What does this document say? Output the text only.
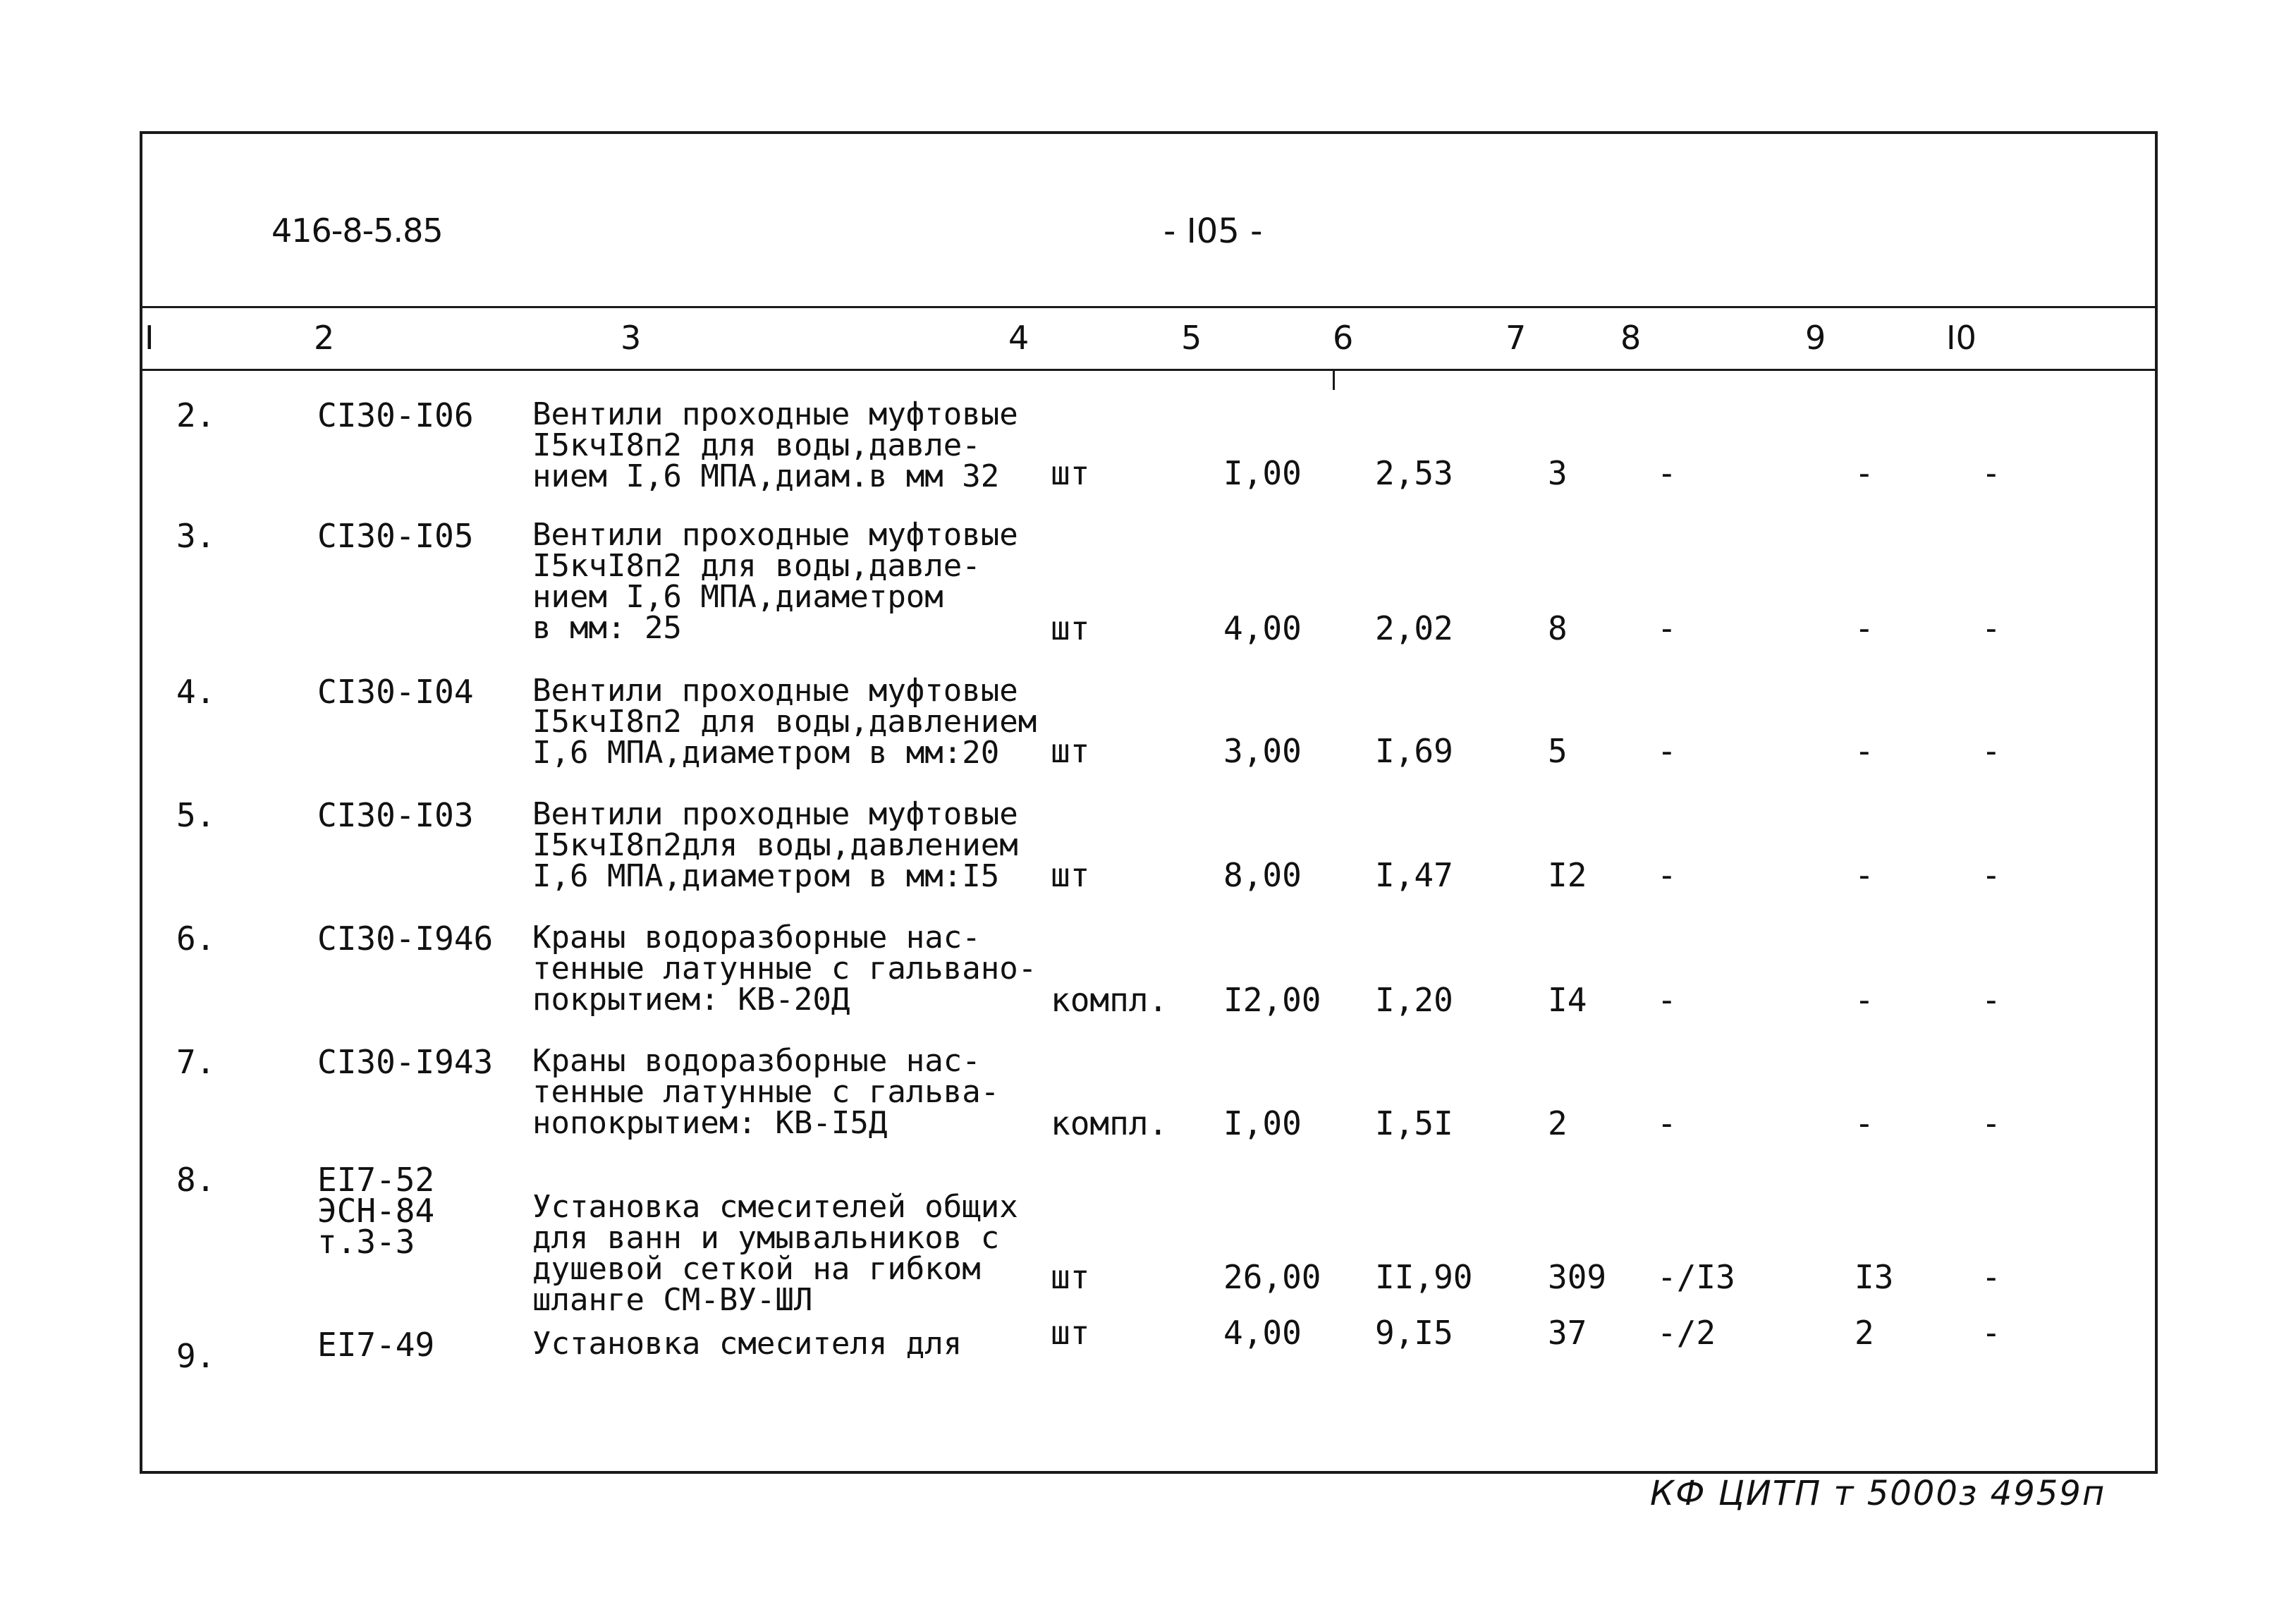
416-8-5.85	- I05 -
I	2	3	4	5	6	7	8	9	I0
2.	CI30-I06 Вентили проходные муфтовые
I5кчI8п2 для воды,давле-
нием I,6 МПА,диам.в мм 32 шт	I,00 2,53	3	-	-	-
3.	CI30-I05 Вентили проходные муфтовые
I5кчI8п2 для воды,давле-
нием I,6 МПА,диаметром
в мм: 25	шт	4,00 2,02	8	-	-	-
4.	CI30-I04 Вентили проходные муфтовые
I5кчI8п2 для воды,давлением
I,6 МПА,диаметром в мм:20 шт	3,00 I,69	5	-	-	-
5.	CI30-I03 Вентили проходные муфтовые
I5кчI8п2для воды,давлением
I,6 МПА,диаметром в мм:I5 шт	8,00 I,47	I2 -	-	-
6.	CI30-I946 Краны водоразборные нас-
тенные латунные с гальвано-
покрытием: КВ-20Д	компл. I2,00 I,20	I4 -	-	-
7.	CI30-I943 Краны водоразборные нас-
тенные латунные с гальва-
нопокрытием: КВ-I5Д	компл. I,00 I,5I	2	-	-	-
8.	EI7-52
ЭСН-84
т.3-3
Установка смесителей общих
для ванн и умывальников с
душевой сеткой на гибком
шланге СМ-ВУ-ШЛ
шт	26,00 II,90 309 -/I3	I3	-
9.	EI7-49	Установка смесителя для	шт	4,00 9,I5	37 -/2	2	-
КФ ЦИТП т 5000з 4959п
